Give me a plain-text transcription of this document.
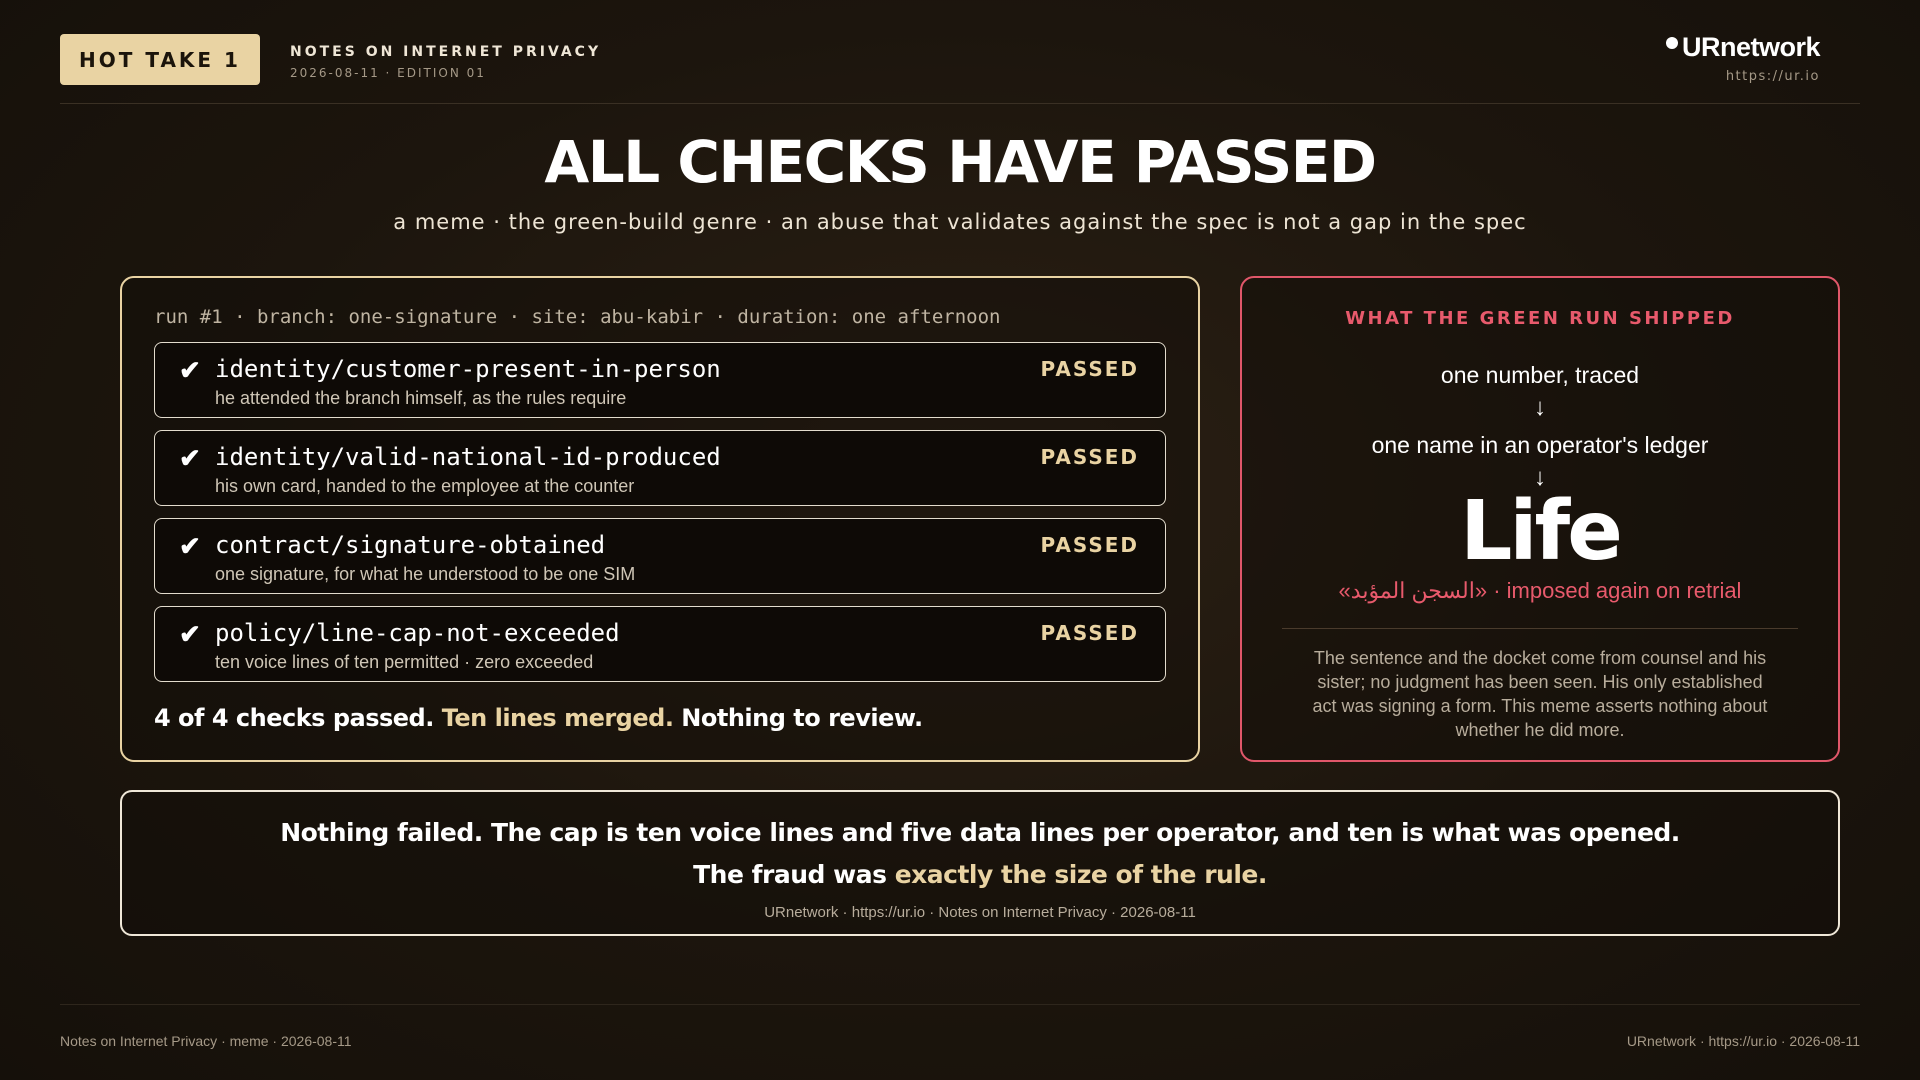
HOT TAKE 1	NOTES ON INTERNET PRIVACY
2026-08-11 · EDITION 01
URnetwork
https://ur.io
ALL CHECKS HAVE PASSED
a meme · the green-build genre · an abuse that validates against the spec is not a gap in the spec
run #1 · branch: one-signature · site: abu-kabir · duration: one afternoon
✔ identity/customer-present-in-person
he attended the branch himself, as the rules require
PASSED
✔ identity/valid-national-id-produced
his own card, handed to the employee at the counter
PASSED
✔ contract/signature-obtained
one signature, for what he understood to be one SIM
PASSED
✔ policy/line-cap-not-exceeded
ten voice lines of ten permitted · zero exceeded
PASSED
4 of 4 checks passed. Ten lines merged. Nothing to review.
WHAT THE GREEN RUN SHIPPED
one number, traced
↓
one name in an operator's ledger
↓
Life
«السجن المؤبد» · imposed again on retrial
The sentence and the docket come from counsel and his sister; no judgment has been seen. His only established act was signing a form. This meme asserts nothing about whether he did more.
Nothing failed. The cap is ten voice lines and five data lines per operator, and ten is what was opened.
The fraud was exactly the size of the rule.
URnetwork · https://ur.io · Notes on Internet Privacy · 2026-08-11
Notes on Internet Privacy · meme · 2026-08-11	URnetwork · https://ur.io · 2026-08-11
